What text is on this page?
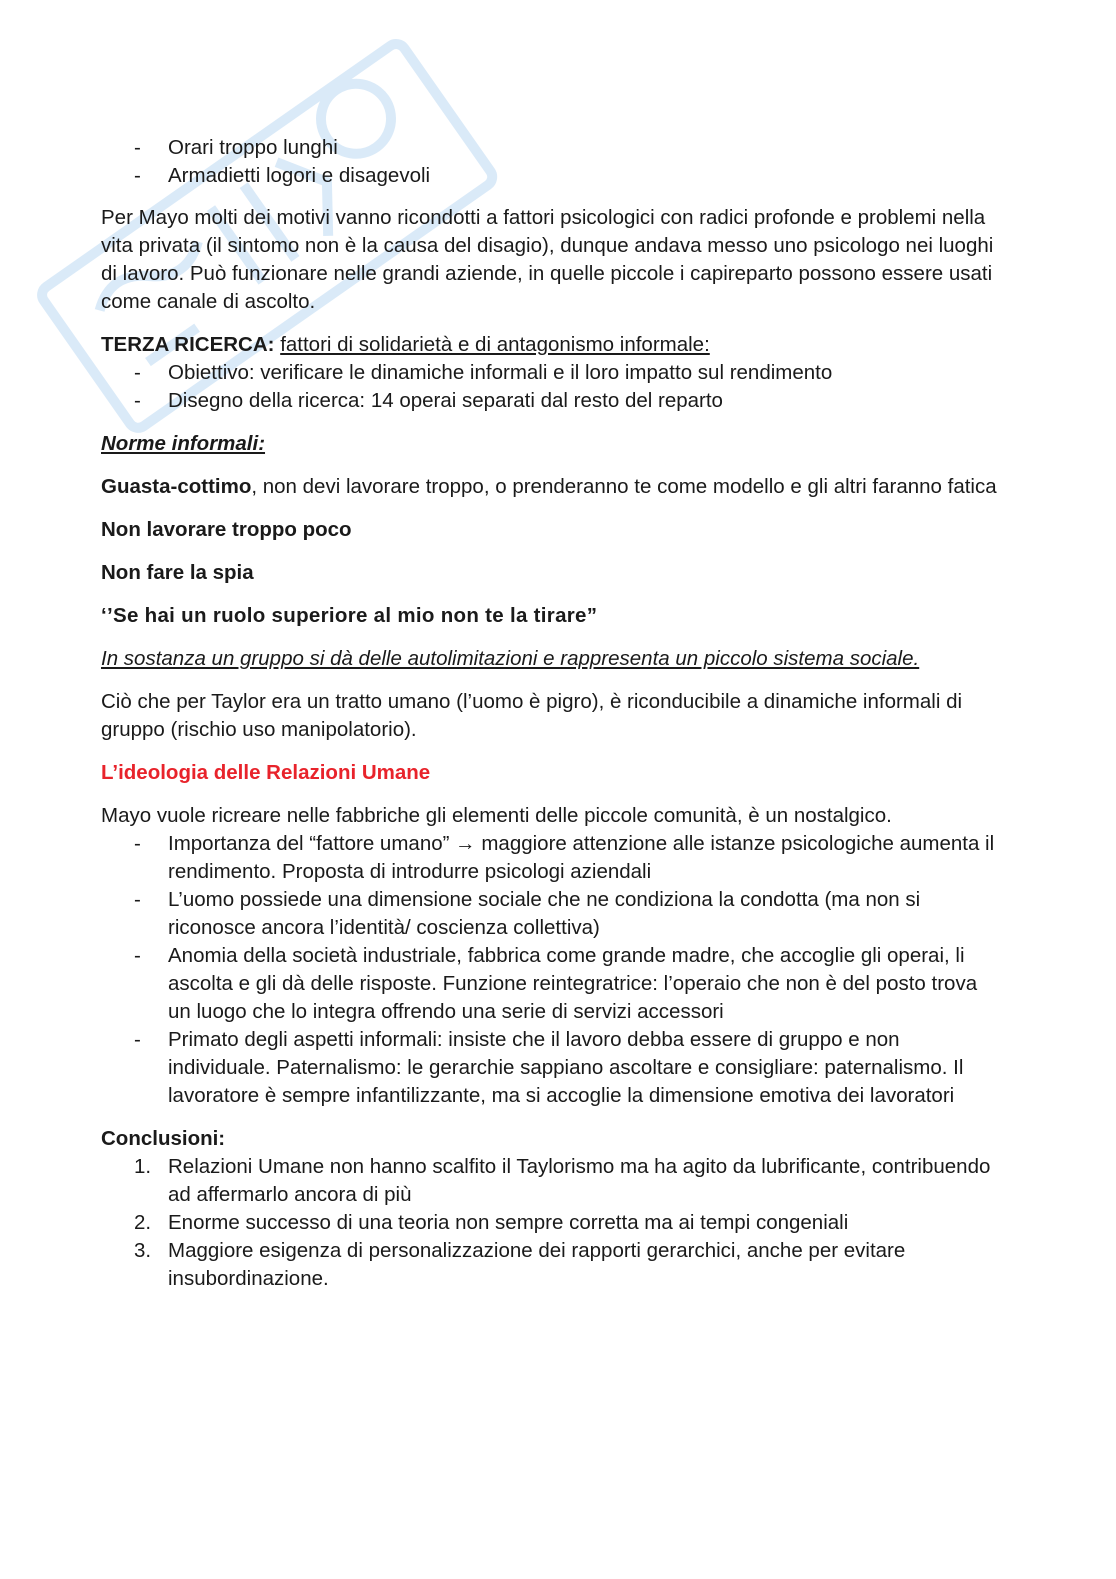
- Orari troppo lunghi
- Armadietti logori e disagevoli

Per Mayo molti dei motivi vanno ricondotti a fattori psicologici con radici profonde e problemi nella vita privata (il sintomo non è la causa del disagio), dunque andava messo uno psicologo nei luoghi di lavoro. Può funzionare nelle grandi aziende, in quelle piccole i capireparto possono essere usati come canale di ascolto.

TERZA RICERCA: fattori di solidarietà e di antagonismo informale:

- Obiettivo: verificare le dinamiche informali e il loro impatto sul rendimento
- Disegno della ricerca: 14 operai separati dal resto del reparto

Norme informali:

Guasta-cottimo, non devi lavorare troppo, o prenderanno te come modello e gli altri faranno fatica

Non lavorare troppo poco

Non fare la spia

‘’Se hai un ruolo superiore al mio non te la tirare”

In sostanza un gruppo si dà delle autolimitazioni e rappresenta un piccolo sistema sociale.

Ciò che per Taylor era un tratto umano (l’uomo è pigro), è riconducibile a dinamiche informali di gruppo (rischio uso manipolatorio).

L’ideologia delle Relazioni Umane

Mayo vuole ricreare nelle fabbriche gli elementi delle piccole comunità, è un nostalgico.

- Importanza del “fattore umano” → maggiore attenzione alle istanze psicologiche aumenta il rendimento. Proposta di introdurre psicologi aziendali
- L’uomo possiede una dimensione sociale che ne condiziona la condotta (ma non si riconosce ancora l’identità/ coscienza collettiva)
- Anomia della società industriale, fabbrica come grande madre, che accoglie gli operai, li ascolta e gli dà delle risposte. Funzione reintegratrice: l’operaio che non è del posto trova un luogo che lo integra offrendo una serie di servizi accessori
- Primato degli aspetti informali: insiste che il lavoro debba essere di gruppo e non individuale. Paternalismo: le gerarchie sappiano ascoltare e consigliare: paternalismo. Il lavoratore è sempre infantilizzante, ma si accoglie la dimensione emotiva dei lavoratori

Conclusioni:

1. Relazioni Umane non hanno scalfito il Taylorismo ma ha agito da lubrificante, contribuendo ad affermarlo ancora di più
2. Enorme successo di una teoria non sempre corretta ma ai tempi congeniali
3. Maggiore esigenza di personalizzazione dei rapporti gerarchici, anche per evitare insubordinazione.
